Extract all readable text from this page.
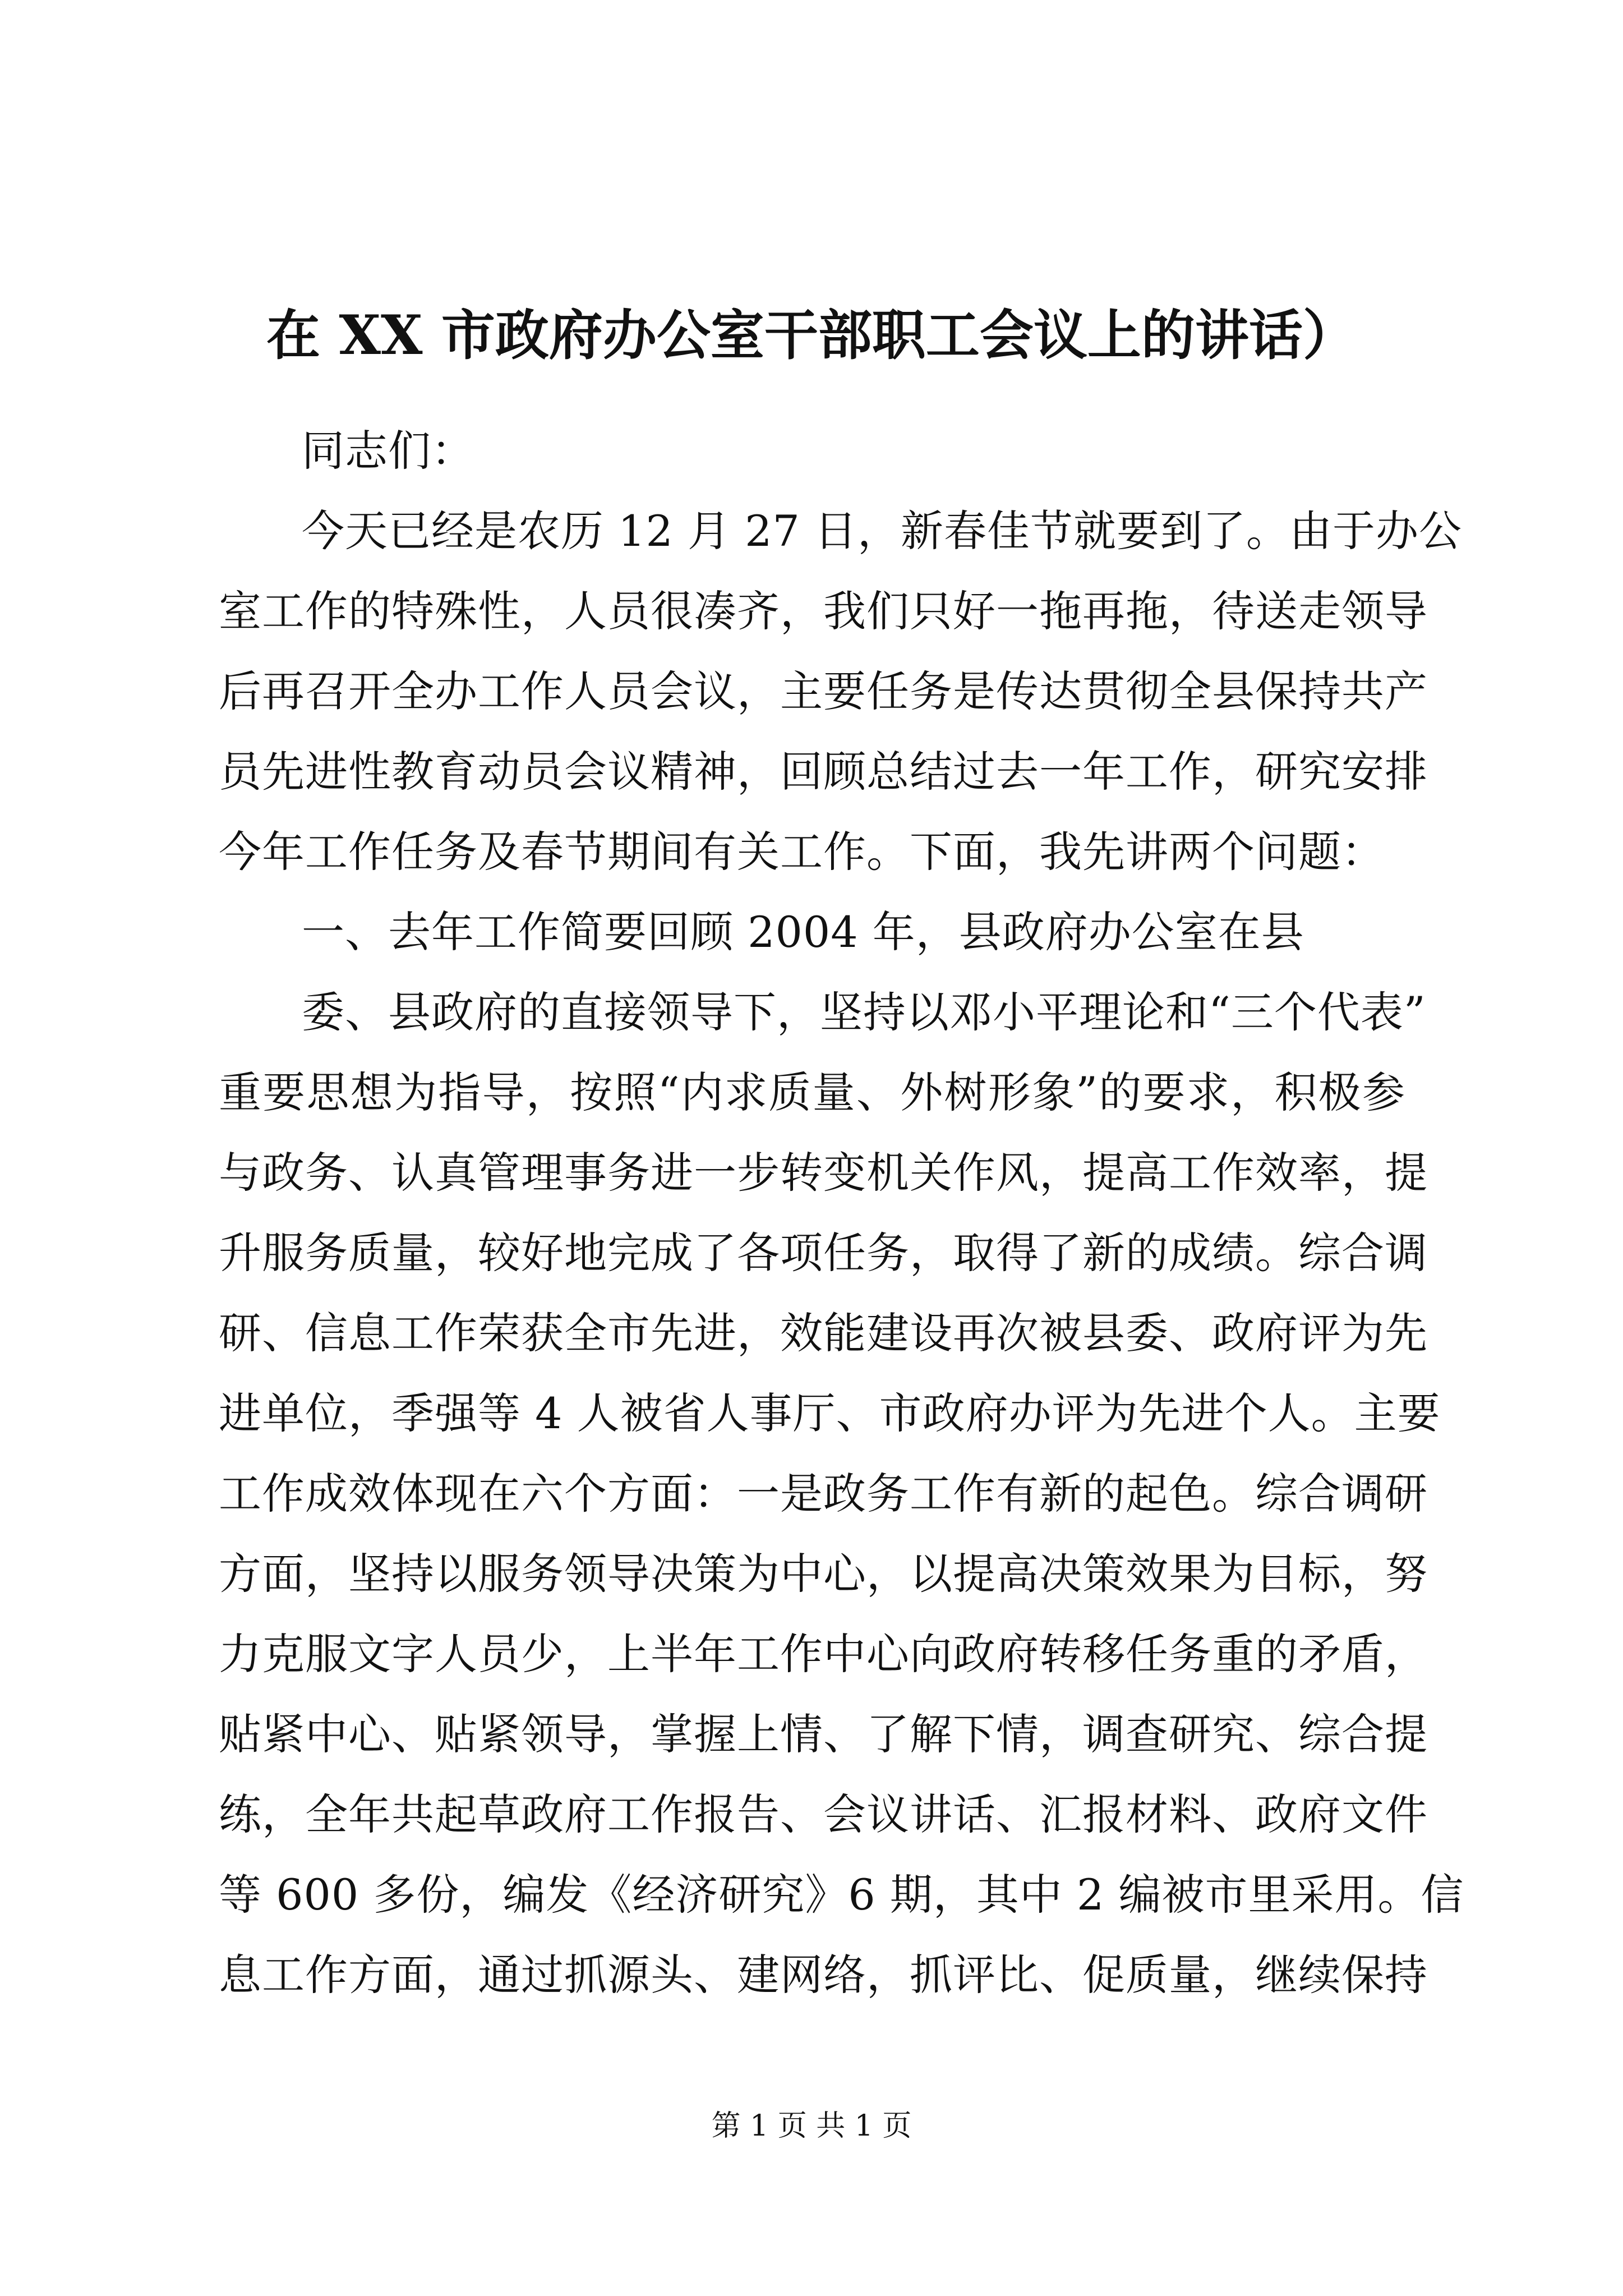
在 XX 市政府办公室干部职工会议上的讲话）
同志们：
今天已经是农历 12 月 27 日，新春佳节就要到了。由于办公
室工作的特殊性，人员很凑齐，我们只好一拖再拖，待送走领导
后再召开全办工作人员会议，主要任务是传达贯彻全县保持共产
员先进性教育动员会议精神，回顾总结过去一年工作，研究安排
今年工作任务及春节期间有关工作。下面，我先讲两个问题：
一、去年工作简要回顾 2004 年，县政府办公室在县
委、县政府的直接领导下，坚持以邓小平理论和“三个代表”
重要思想为指导，按照“内求质量、外树形象”的要求，积极参
与政务、认真管理事务进一步转变机关作风，提高工作效率，提
升服务质量，较好地完成了各项任务，取得了新的成绩。综合调
研、信息工作荣获全市先进，效能建设再次被县委、政府评为先
进单位，季强等 4 人被省人事厅、市政府办评为先进个人。主要
工作成效体现在六个方面：一是政务工作有新的起色。综合调研
方面，坚持以服务领导决策为中心，以提高决策效果为目标，努
力克服文字人员少，上半年工作中心向政府转移任务重的矛盾，
贴紧中心、贴紧领导，掌握上情、了解下情，调查研究、综合提
练，全年共起草政府工作报告、会议讲话、汇报材料、政府文件
等 600 多份，编发《经济研究》6 期，其中 2 编被市里采用。信
息工作方面，通过抓源头、建网络，抓评比、促质量，继续保持
第 1 页 共 1 页
